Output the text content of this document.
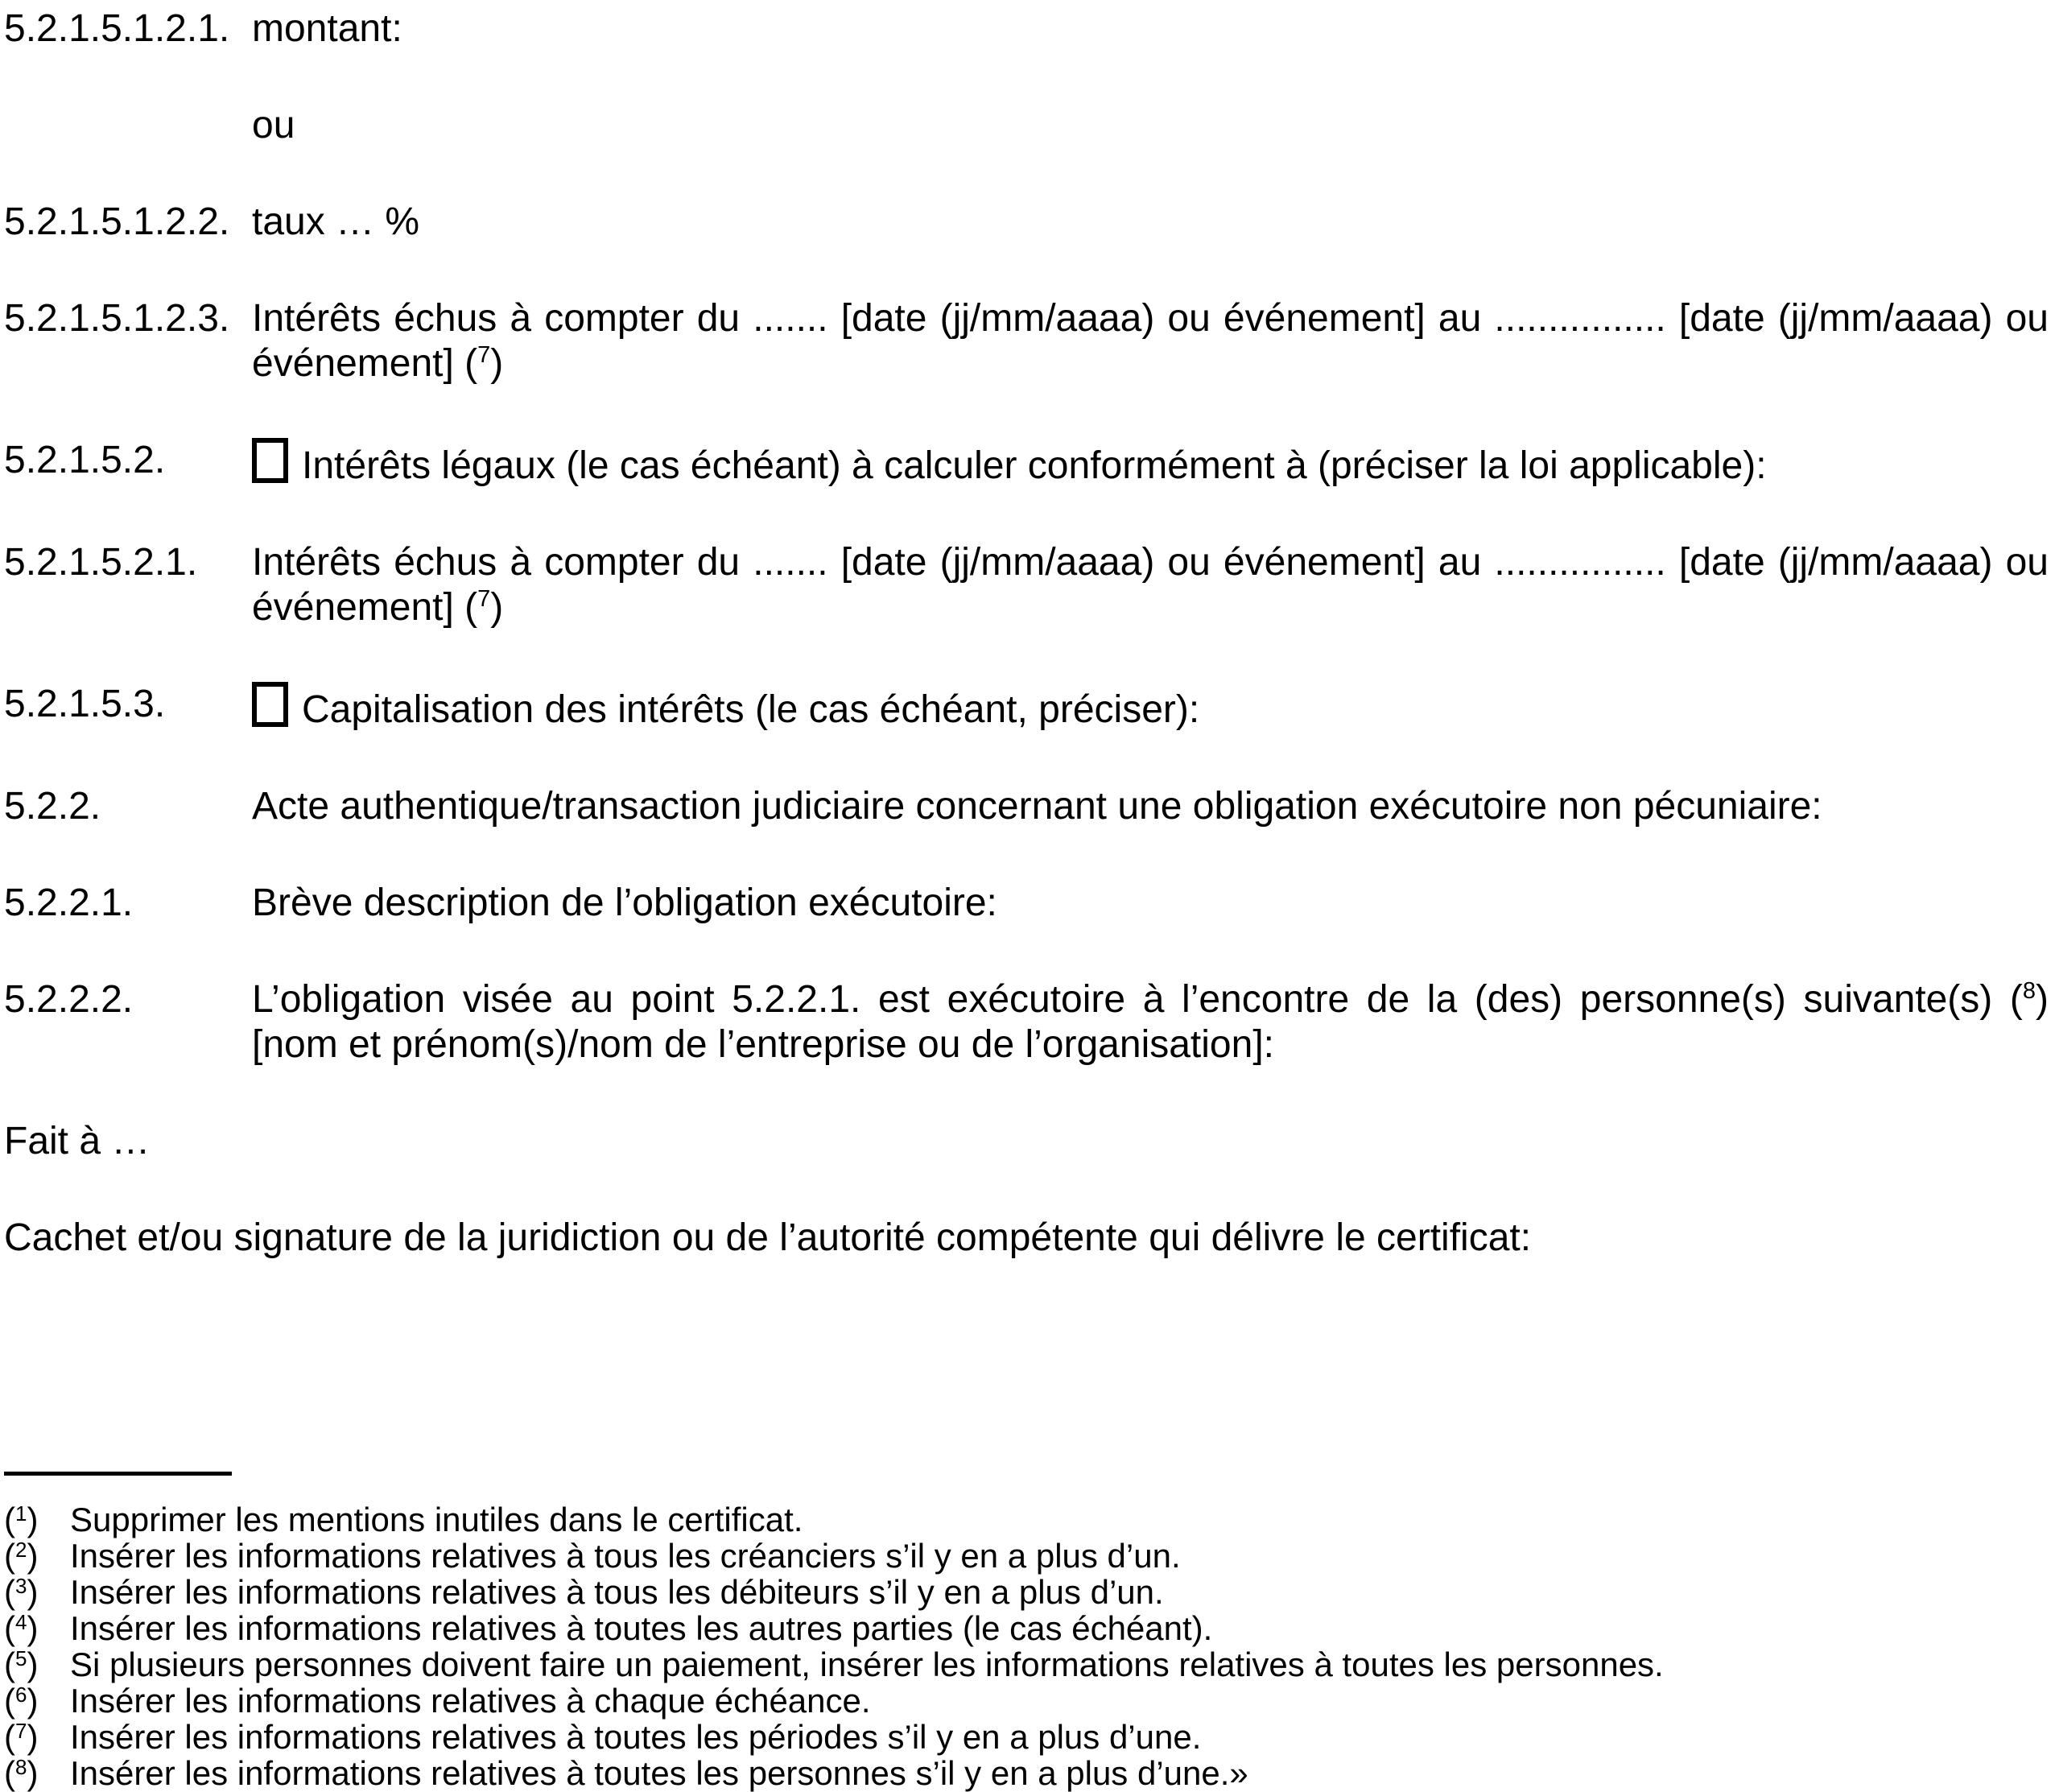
5.2.1.5.1.2.1. montant:
ou
5.2.1.5.1.2.2. taux … %
5.2.1.5.1.2.3. Intérêts échus à compter du ....... [date (jj/mm/aaaa) ou événement] au ................ [date (jj/mm/aaaa) ou événement] ($^7$)
5.2.1.5.2.	Intérêts légaux (le cas échéant) à calculer conformément à (préciser la loi applicable):
5.2.1.5.2.1.	Intérêts échus à compter du ....... [date (jj/mm/aaaa) ou événement] au ................ [date (jj/mm/aaaa) ou événement] ($^7$)
5.2.1.5.3.	Capitalisation des intérêts (le cas échéant, préciser):
5.2.2.	Acte authentique/transaction judiciaire concernant une obligation exécutoire non pécuniaire:
5.2.2.1.	Brève description de l’obligation exécutoire:
5.2.2.2.	L’obligation visée au point 5.2.2.1. est exécutoire à l’encontre de la (des) personne(s) suivante(s) ($^8$) [nom et prénom(s)/nom de l’entreprise ou de l’organisation]:
Fait à …
Cachet et/ou signature de la juridiction ou de l’autorité compétente qui délivre le certificat:
($^1$) Supprimer les mentions inutiles dans le certificat.
($^2$) Insérer les informations relatives à tous les créanciers s’il y en a plus d’un.
($^3$) Insérer les informations relatives à tous les débiteurs s’il y en a plus d’un.
($^4$) Insérer les informations relatives à toutes les autres parties (le cas échéant).
($^5$) Si plusieurs personnes doivent faire un paiement, insérer les informations relatives à toutes les personnes.
($^6$) Insérer les informations relatives à chaque échéance.
($^7$) Insérer les informations relatives à toutes les périodes s’il y en a plus d’une.
($^8$) Insérer les informations relatives à toutes les personnes s’il y en a plus d’une.»
